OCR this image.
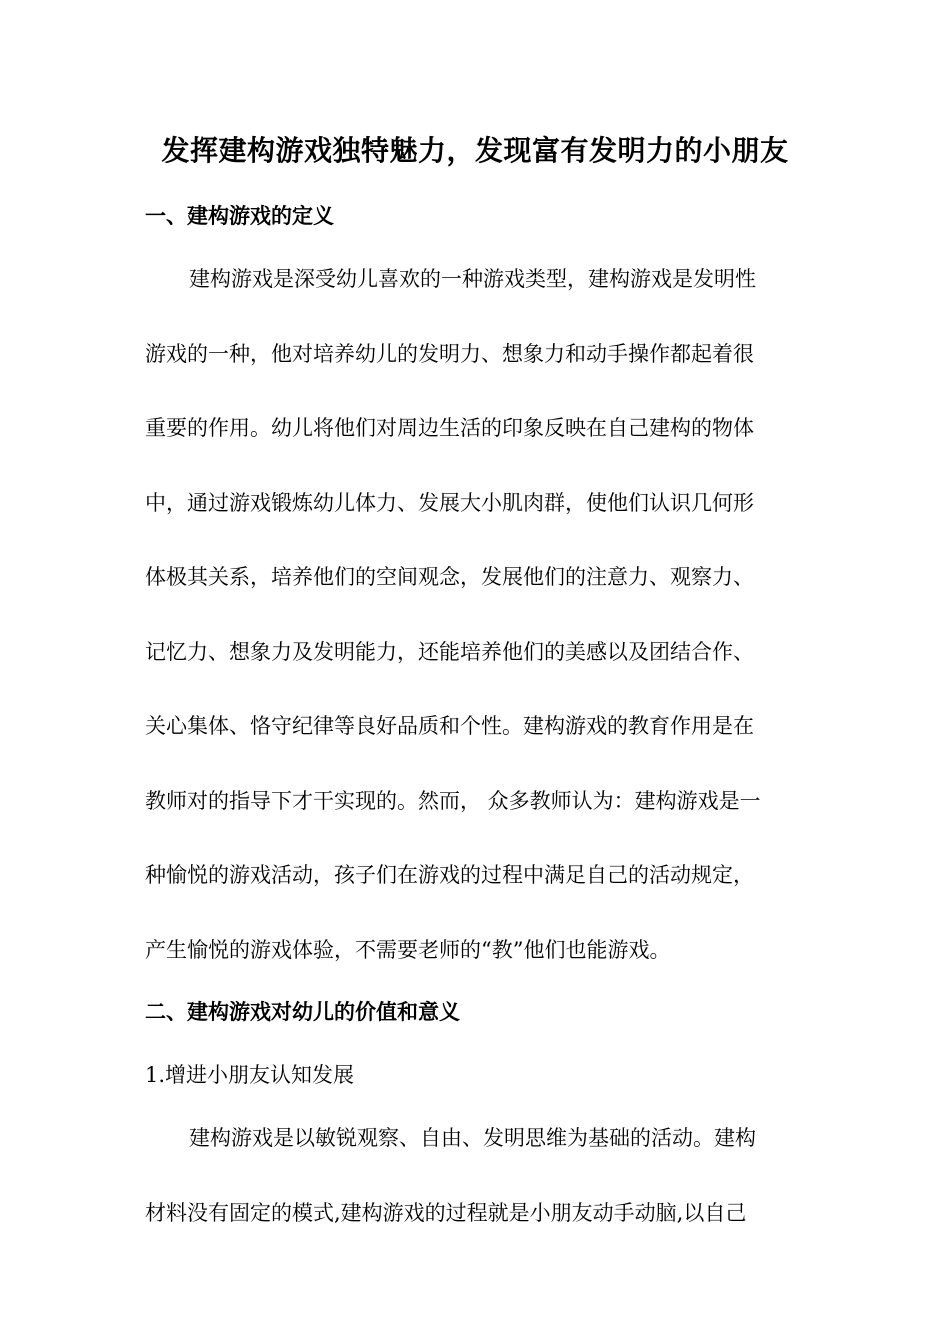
发挥建构游戏独特魅力，发现富有发明力的小朋友
一、建构游戏的定义
建构游戏是深受幼儿喜欢的一种游戏类型，建构游戏是发明性
游戏的一种，他对培养幼儿的发明力、想象力和动手操作都起着很
重要的作用。幼儿将他们对周边生活的印象反映在自己建构的物体
中，通过游戏锻炼幼儿体力、发展大小肌肉群，使他们认识几何形
体极其关系，培养他们的空间观念，发展他们的注意力、观察力、
记忆力、想象力及发明能力，还能培养他们的美感以及团结合作、
关心集体、恪守纪律等良好品质和个性。建构游戏的教育作用是在
教师对的指导下才干实现的。然而， 众多教师认为：建构游戏是一
种愉悦的游戏活动，孩子们在游戏的过程中满足自己的活动规定，
产生愉悦的游戏体验，不需要老师的“教”他们也能游戏。
二、建构游戏对幼儿的价值和意义
1.增进小朋友认知发展
建构游戏是以敏锐观察、自由、发明思维为基础的活动。建构
材料没有固定的模式,建构游戏的过程就是小朋友动手动脑,以自己
